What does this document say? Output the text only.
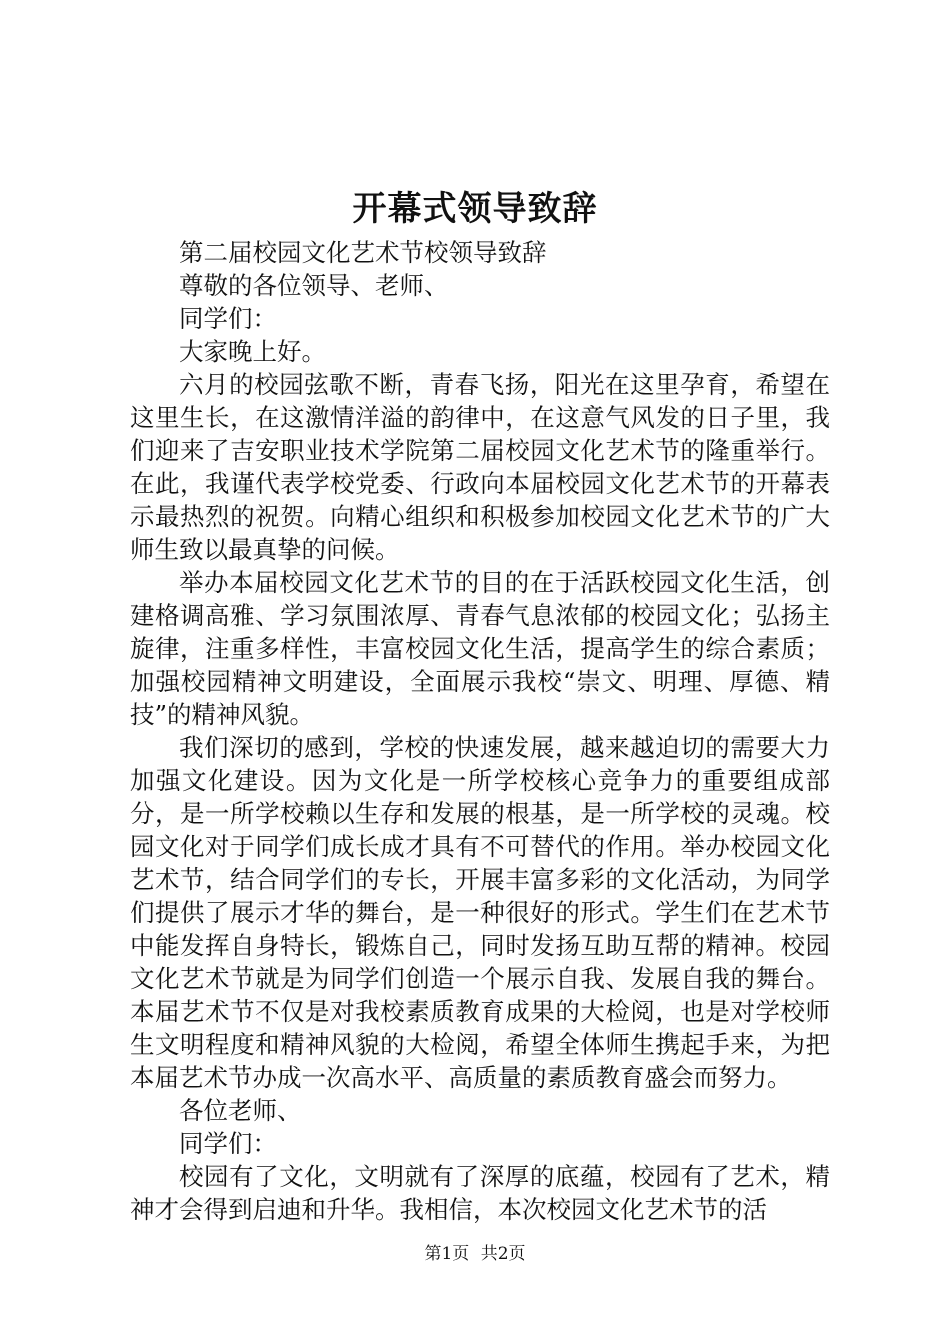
开幕式领导致辞

第二届校园文化艺术节校领导致辞

尊敬的各位领导、老师、

同学们：

大家晚上好。

六月的校园弦歌不断，青春飞扬，阳光在这里孕育，希望在这里生长，在这激情洋溢的韵律中，在这意气风发的日子里，我们迎来了吉安职业技术学院第二届校园文化艺术节的隆重举行。在此，我谨代表学校党委、行政向本届校园文化艺术节的开幕表示最热烈的祝贺。向精心组织和积极参加校园文化艺术节的广大师生致以最真挚的问候。

举办本届校园文化艺术节的目的在于活跃校园文化生活，创建格调高雅、学习氛围浓厚、青春气息浓郁的校园文化；弘扬主旋律，注重多样性，丰富校园文化生活，提高学生的综合素质；加强校园精神文明建设，全面展示我校“崇文、明理、厚德、精技”的精神风貌。

我们深切的感到，学校的快速发展，越来越迫切的需要大力加强文化建设。因为文化是一所学校核心竞争力的重要组成部分，是一所学校赖以生存和发展的根基，是一所学校的灵魂。校园文化对于同学们成长成才具有不可替代的作用。举办校园文化艺术节，结合同学们的专长，开展丰富多彩的文化活动，为同学们提供了展示才华的舞台，是一种很好的形式。学生们在艺术节中能发挥自身特长，锻炼自己，同时发扬互助互帮的精神。校园文化艺术节就是为同学们创造一个展示自我、发展自我的舞台。本届艺术节不仅是对我校素质教育成果的大检阅，也是对学校师生文明程度和精神风貌的大检阅，希望全体师生携起手来，为把本届艺术节办成一次高水平、高质量的素质教育盛会而努力。

各位老师、

同学们：

校园有了文化，文明就有了深厚的底蕴，校园有了艺术，精神才会得到启迪和升华。我相信，本次校园文化艺术节的活

第1页 共2页
